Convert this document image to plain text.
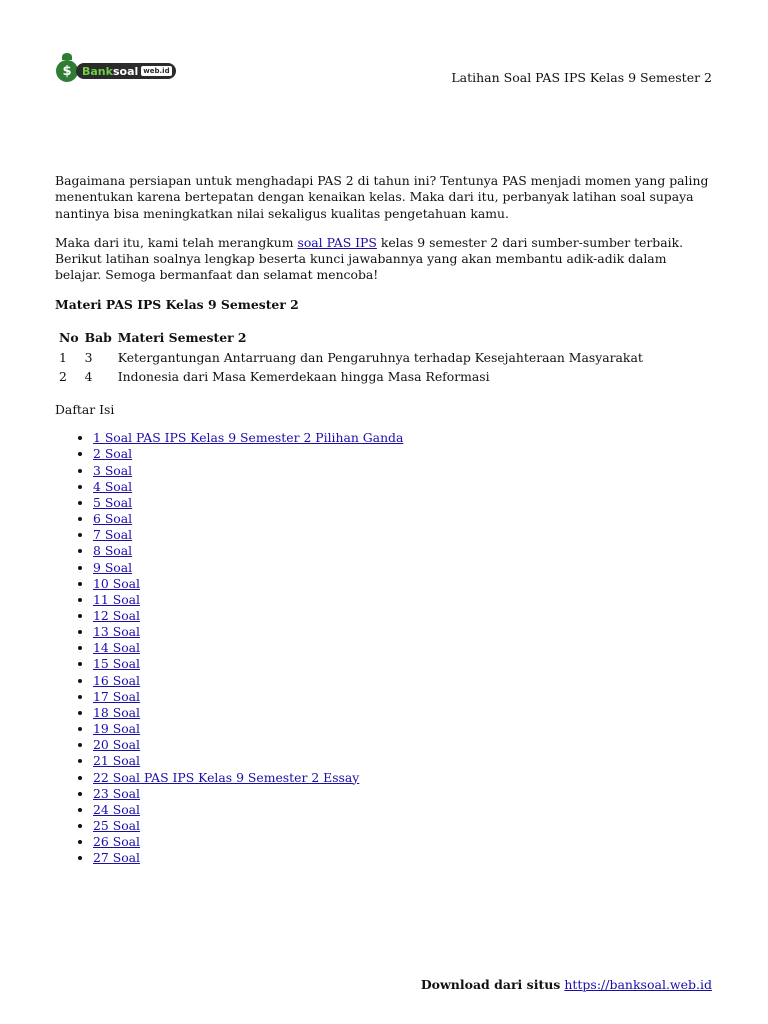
$ Bank soal web.id	Latihan Soal PAS IPS Kelas 9 Semester 2

Bagaimana persiapan untuk menghadapi PAS 2 di tahun ini? Tentunya PAS menjadi momen yang paling menentukan karena bertepatan dengan kenaikan kelas. Maka dari itu, perbanyak latihan soal supaya nantinya bisa meningkatkan nilai sekaligus kualitas pengetahuan kamu.

Maka dari itu, kami telah merangkum soal PAS IPS kelas 9 semester 2 dari sumber-sumber terbaik. Berikut latihan soalnya lengkap beserta kunci jawabannya yang akan membantu adik-adik dalam belajar. Semoga bermanfaat dan selamat mencoba!

Materi PAS IPS Kelas 9 Semester 2

No	Bab	Materi Semester 2
1	3	Ketergantungan Antarruang dan Pengaruhnya terhadap Kesejahteraan Masyarakat
2	4	Indonesia dari Masa Kemerdekaan hingga Masa Reformasi

Daftar Isi

• 1 Soal PAS IPS Kelas 9 Semester 2 Pilihan Ganda
• 2 Soal
• 3 Soal
• 4 Soal
• 5 Soal
• 6 Soal
• 7 Soal
• 8 Soal
• 9 Soal
• 10 Soal
• 11 Soal
• 12 Soal
• 13 Soal
• 14 Soal
• 15 Soal
• 16 Soal
• 17 Soal
• 18 Soal
• 19 Soal
• 20 Soal
• 21 Soal
• 22 Soal PAS IPS Kelas 9 Semester 2 Essay
• 23 Soal
• 24 Soal
• 25 Soal
• 26 Soal
• 27 Soal
Download dari situs https://banksoal.web.id
